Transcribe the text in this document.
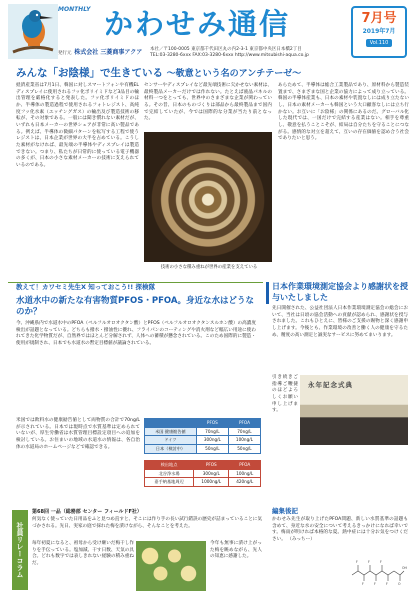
MONTHLY かわせみ通信	7月号
2019年7月
Vol.110
発行元 株式会社 三菱商事アクア 本社／〒100-0005 東京都千代田区丸の内2-3-1 東京都中央区日本橋2丁目
TEL:03-3280-6xxx FAX:03-3280-6xxx http://www.mitsubishi-aqua.co.jp
みんな「お陰様」で生きている 〜敬意という名のアンチテーゼ〜
経済産業省は7月1日、韓国に対しスマートフォンや有機ELディスプレイに使用されるフッ化ポリイミドなど3品目の輸出管理を厳格化すると発表した。フッ化ポリイミドのほか、半導体の製造過程で使用されるフォトレジスト、高純度フッ化水素（エッチングガス）の輸出及び製造技術の移転が、その対象である。一般には聞き慣れない素材だが、いずれも日本メーカーの世界シェアが非常に高い製品である。例えば、半導体の微細パターンを転写する工程で使うレジストは、日本企業が世界の大半を占めている。こうした素材がなければ、最先端の半導体やディスプレイは製造できない。つまり、私たちが日常的に使っている電子機器の多くが、日本の小さな素材メーカーの技術に支えられているのである。
センサーやディスプレイなど最先端技術に欠かせない素材は、最終製品メーカーだけでは作れない。たとえば液晶パネルの材料一つをとっても、世界中のさまざまな企業が関わっている。その昔、日本のものづくりは部品から最終製品まで国内で完結していたが、今では国際的な分業が当たり前となった。
あらためて、半導体は総合工業製品であり、原材料から製造装置まで、さまざまな国と企業の協力によって成り立っている。韓国の半導体産業も、日本の素材や装置なしには成り立たないし、日本の素材メーカーも韓国という大口顧客なしには立ち行かない。お互いに「お陰様」の関係にあるのだ。グローバル化した現代では、一国だけで完結する産業はない。相手を尊重し、敬意を払うことこそが、結局は自分たちを守ることにつながる。感情的な対立を超えて、互いの存在価値を認め合う社会でありたいと思う。
技術の小さな積み重ねが世界の産業を支えている
教えて！カワセミ先生X 知っておこう!! 探検隊
水道水中の新たな有害物質PFOS・PFOA。身近な水はどうなのか？
今、沖縄県内で水道水中のPFOA（ペルフルオロオクタン酸）とPFOS（ペルフルオロオクタンスルホン酸）の高濃度検出が話題となっている。どちらも撥水・撥油性に優れ、フライパンのコーティングや消火剤など幅広い用途に使われてきた化学物質だが、自然界ではほとんど分解されず、人体への蓄積が懸念されている。このため国際的に製造・使用が規制され、日本でも水道水の暫定目標値が議論されている。
米国では飲料水の健康勧告値として両物質の合計で70ng/Lが示されている。日本では現時点で水質基準は定められていないが、厚生労働省は水質管理目標設定項目への追加を検討している。お住まいの地域の水道水の情報は、各自治体の水道局のホームページなどで確認できる。
	PFOS	PFOA
米国 健康勧告値	70ng/L	70ng/L
ドイツ	300ng/L	100ng/L
日本（検討中）	50ng/L	50ng/L
検出地点	PFOS	PFOA
北谷浄水場	300ng/L	100ng/L
嘉手納基地周辺	1000ng/L	420ng/L
日本作業環境測定協会より感謝状を授与いたしました
先日開催された、公益社団法人日本作業環境測定協会の総会において、当社は日頃の協会活動への貢献が認められ、感謝状を授与されました。これもひとえに、皆様のご支援の賜物と深く感謝申し上げます。今後とも、作業環境の改善と働く人の健康を守るため、精度の高い測定と誠実なサービスに努めてまいります。
引き続きご指導ご鞭撻のほどよろしくお願い申し上げます。
永年記念式典
社員リレーコラム
第68回 一品（総務部 センター フィールドF社）
何気なく使っていた日用品をふと見つめ直すと、そこには作り手の長い試行錯誤の歴史が詰まっていることに気づかされる。先日、実家の庭で採れた梅を漬けながら、そんなことを考えた。
毎年初夏になると、祖母から受け継いだ梅干し作りを手伝っている。塩加減、干す日数、天気の具合。どれも数字では表しきれない経験の積み重ねだ。
今年も無事に漬け上がった梅を眺めながら、先人の知恵に感謝した。
編集後記
かわせみ先生が取り上げたPFOA問題、新しい水質基準の話題も含めて、身近な水の安全について考えるきっかけになれば幸いです。梅雨が明ければ本格的な夏。熱中症には十分お気をつけください。 （みっちー）
F	F	F
F	F	F	O
OH
